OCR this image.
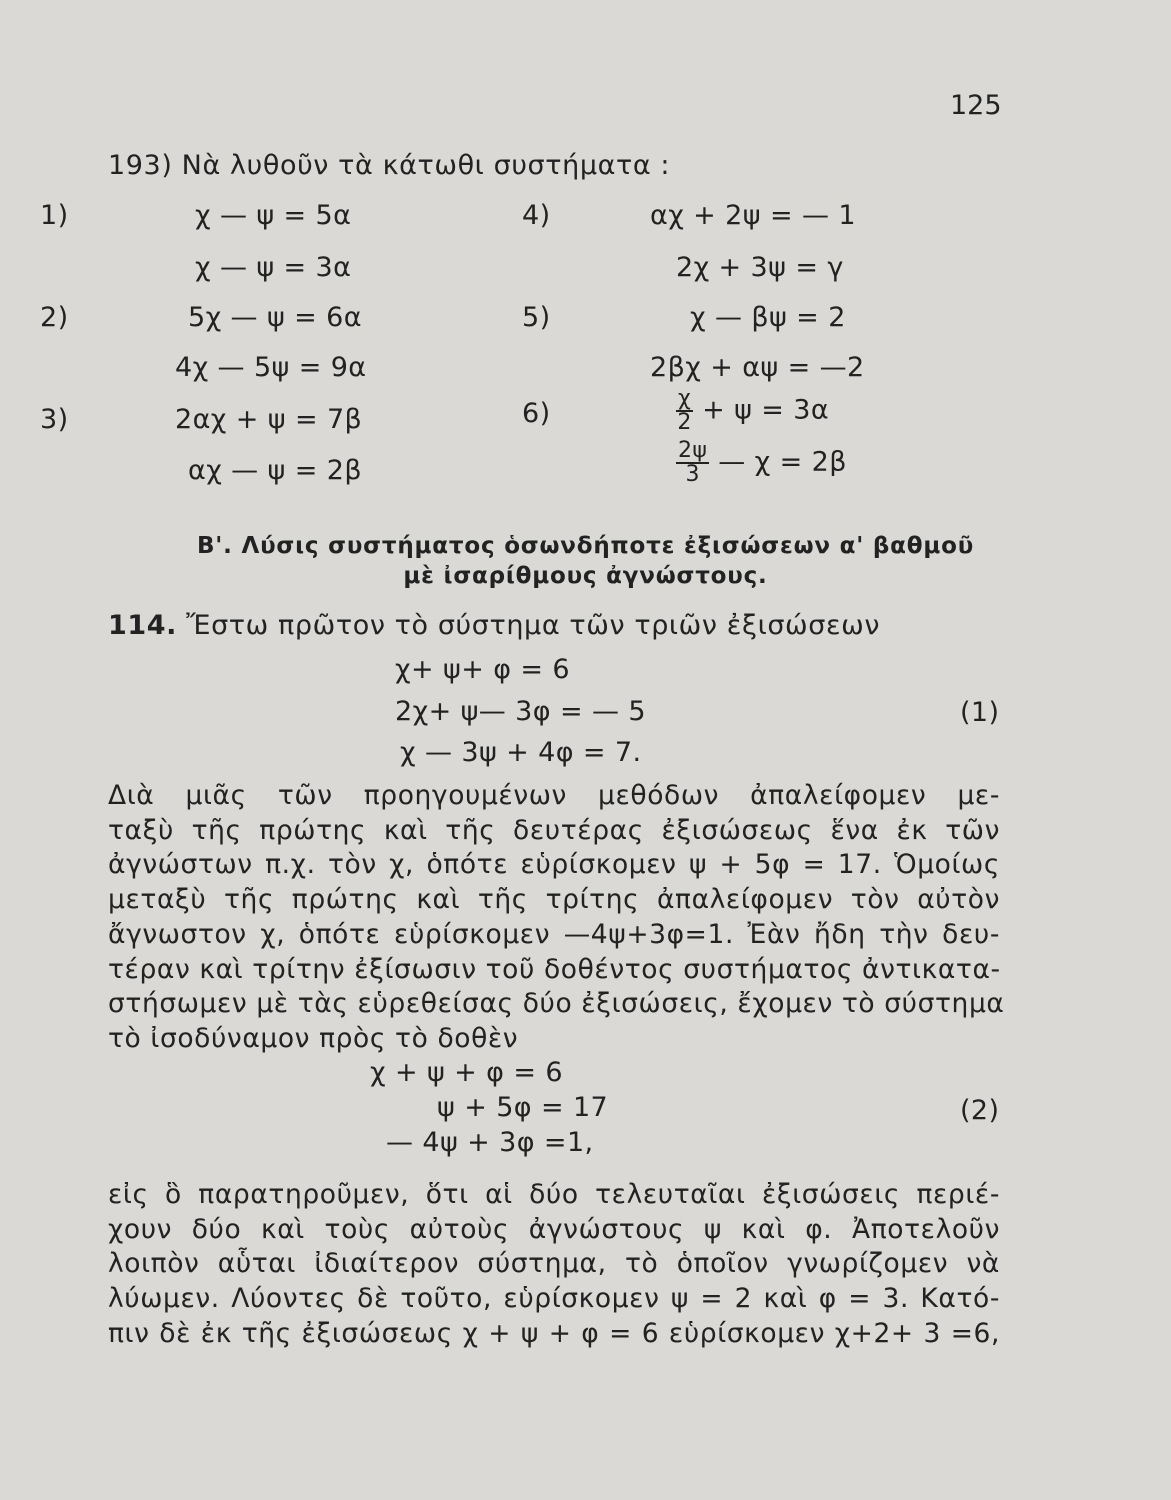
125
193) Νὰ λυθοῦν τὰ κάτωθι συστήματα :
1)	χ — ψ = 5α
χ — ψ = 3α
2)	5χ — ψ = 6α
4χ — 5ψ = 9α
3)	2αχ + ψ = 7β
αχ — ψ = 2β
4)	αχ + 2ψ = — 1
2χ + 3ψ = γ
5)	χ — βψ = 2
2βχ + αψ = —2
6)	$\frac{\chi}{2} + \psi = 3\alpha$
$\frac{2\psi}{3}$ — χ = 2β
Β'. Λύσις συστήματος ὁσωνδήποτε ἐξισώσεων α' βαθμοῦ
μὲ ἰσαρίθμους ἀγνώστους.
114. Ἔστω πρῶτον τὸ σύστημα τῶν τριῶν ἐξισώσεων
χ+ ψ+ φ = 6
2χ+ ψ— 3φ = — 5
χ — 3ψ + 4φ = 7.
(1)
Διὰ μιᾶς τῶν προηγουμένων μεθόδων ἀπαλείφομεν με-
ταξὺ τῆς πρώτης καὶ τῆς δευτέρας ἐξισώσεως ἕνα ἐκ τῶν
ἀγνώστων π.χ. τὸν χ, ὁπότε εὑρίσκομεν ψ + 5φ = 17. Ὁμοίως
μεταξὺ τῆς πρώτης καὶ τῆς τρίτης ἀπαλείφομεν τὸν αὐτὸν
ἄγνωστον χ, ὁπότε εὑρίσκομεν —4ψ+3φ=1. Ἐὰν ἤδη τὴν δευ-
τέραν καὶ τρίτην ἐξίσωσιν τοῦ δοθέντος συστήματος ἀντικατα-
στήσωμεν μὲ τὰς εὑρεθείσας δύο ἐξισώσεις, ἔχομεν τὸ σύστημα
τὸ ἰσοδύναμον πρὸς τὸ δοθὲν
χ + ψ + φ = 6
ψ + 5φ = 17
— 4ψ + 3φ =1,
(2)
εἰς ὃ παρατηροῦμεν, ὅτι αἱ δύο τελευταῖαι ἐξισώσεις περιέ-
χουν δύο καὶ τοὺς αὐτοὺς ἀγνώστους ψ καὶ φ. Ἀποτελοῦν
λοιπὸν αὗται ἰδιαίτερον σύστημα, τὸ ὁποῖον γνωρίζομεν νὰ
λύωμεν. Λύοντες δὲ τοῦτο, εὑρίσκομεν ψ = 2 καὶ φ = 3. Κατό-
πιν δὲ ἐκ τῆς ἐξισώσεως χ + ψ + φ = 6 εὑρίσκομεν χ+2+ 3 =6,
